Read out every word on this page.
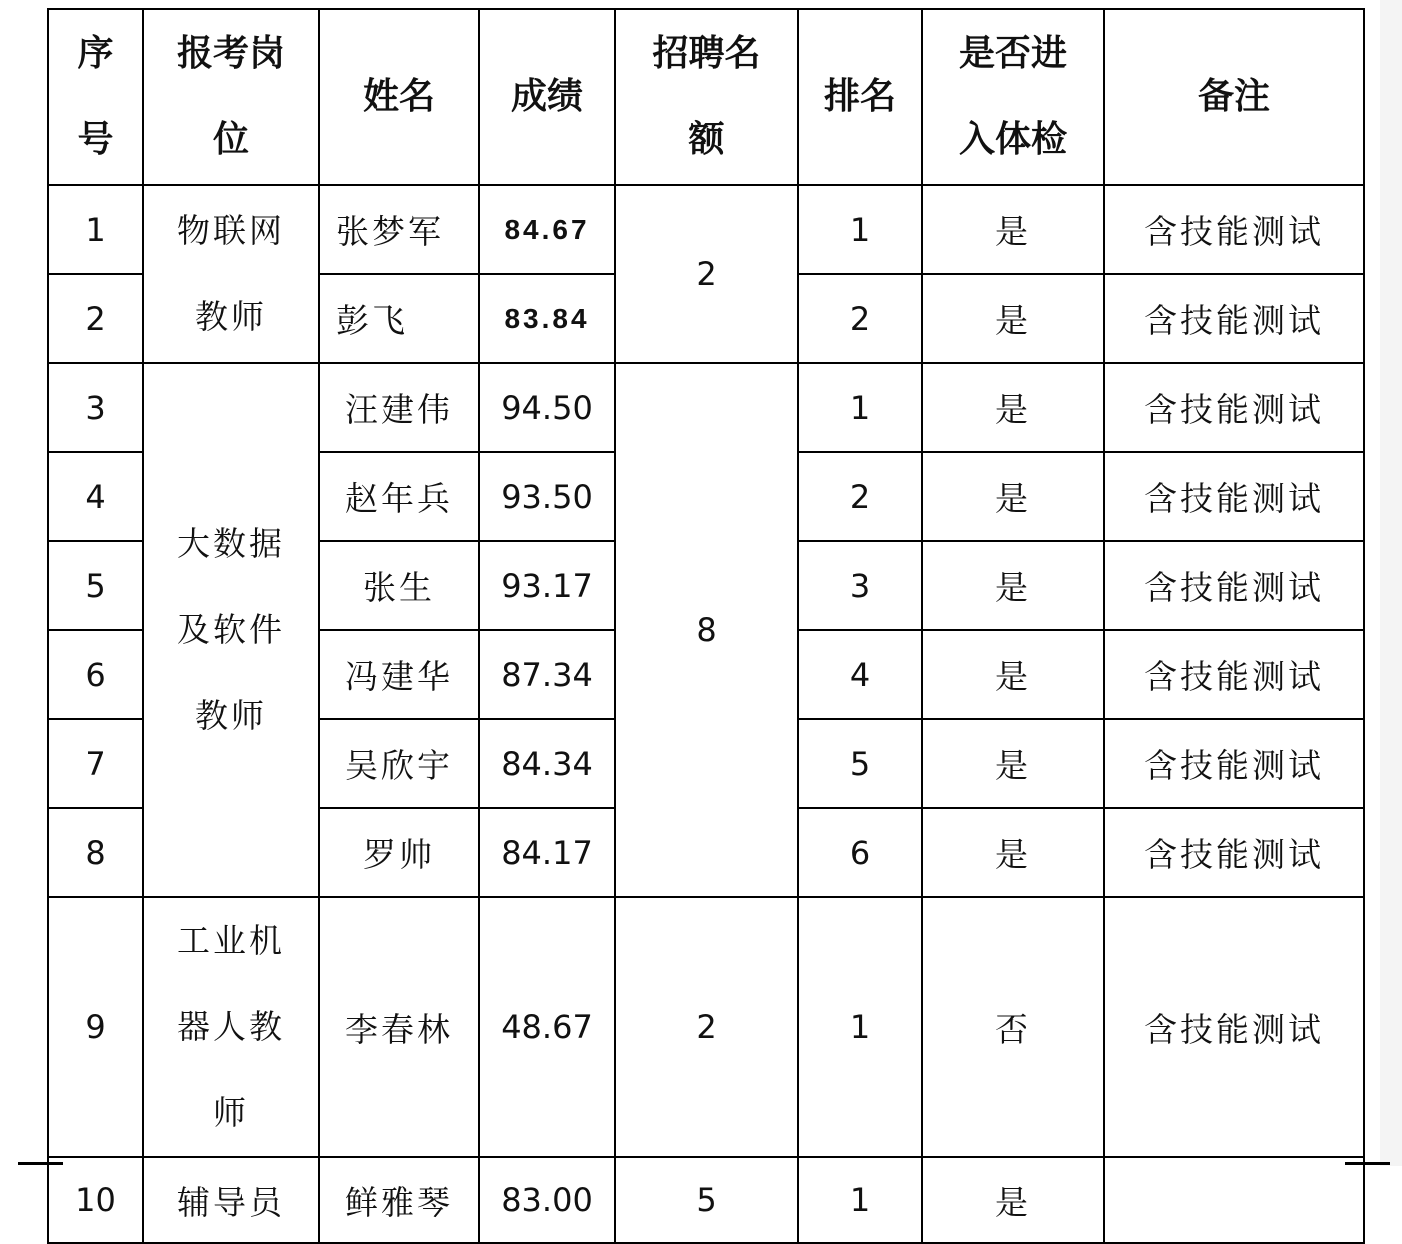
序号	报考岗位	姓名	成绩	招聘名额	排名	是否进入体检	备注
1	物联网教师	张梦军	84.67	2	1	是	含技能测试
2		彭飞	83.84		2	是	含技能测试
3	大数据及软件教师	汪建伟	94.50	8	1	是	含技能测试
4		赵年兵	93.50		2	是	含技能测试
5		张生	93.17		3	是	含技能测试
6		冯建华	87.34		4	是	含技能测试
7		吴欣宇	84.34		5	是	含技能测试
8		罗帅	84.17		6	是	含技能测试
9	工业机器人教师	李春林	48.67	2	1	否	含技能测试
10	辅导员	鲜雅琴	83.00	5	1	是	
